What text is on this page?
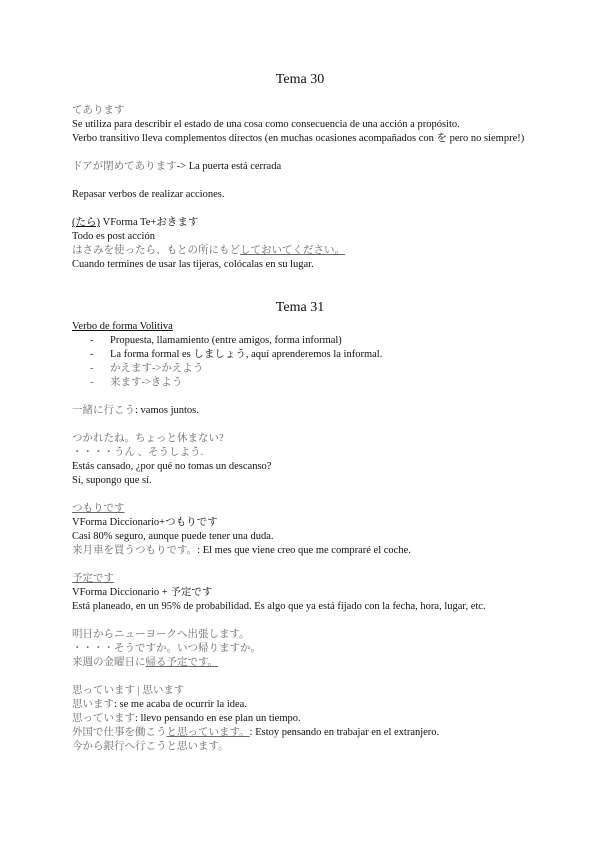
Tema 30
てあります
Se utiliza para describir el estado de una cosa como consecuencia de una acción a propósito.
Verbo transitivo lleva complementos directos (en muchas ocasiones acompañados con を pero no siempre!)
ドアが閉めてあります-> La puerta está cerrada
Repasar verbos de realizar acciones.
(たら) VForma Te+おきます
Todo es post acción
はさみを使ったら、もとの所にもどしておいてください。
Cuando termines de usar las tijeras, colócalas en su lugar.
Tema 31
Verbo de forma Volitiva
-	Propuesta, llamamiento (entre amigos, forma informal)
-	La forma formal es しましょう, aquí aprenderemos la informal.
-	かえます->かえよう
-	来ます->きよう
一緒に行こう: vamos juntos.
つかれたね。ちょっと休まない?
・・・・うん 、そうしよう.
Estás cansado, ¿por qué no tomas un descanso?
Sí, supongo que sí.
つもりです
VForma Diccionario+つもりです
Casi 80% seguro, aunque puede tener una duda.
来月車を買うつもりです。: El mes que viene creo que me compraré el coche.
予定です
VForma Diccionario + 予定です
Está planeado, en un 95% de probabilidad. Es algo que ya está fijado con la fecha, hora, lugar, etc.
明日からニューヨークへ出張します。
・・・・そうですか。いつ帰りますか。
来週の金曜日に帰る予定です。
思っています | 思います
思います: se me acaba de ocurrir la idea.
思っています: llevo pensando en ese plan un tiempo.
外国で仕事を働こうと思っています。: Estoy pensando en trabajar en el extranjero.
今から銀行へ行こうと思います。
